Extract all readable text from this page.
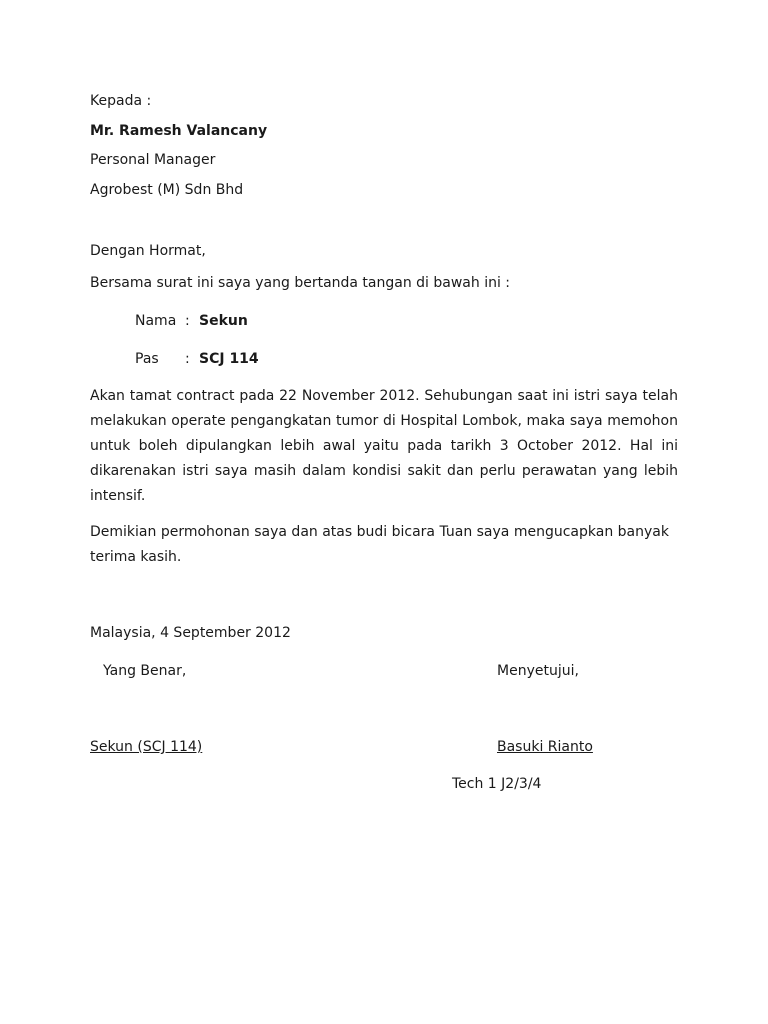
Kepada :
Mr. Ramesh Valancany
Personal Manager
Agrobest (M) Sdn Bhd
Dengan Hormat,
Bersama surat ini saya yang bertanda tangan di bawah ini :
Nama : Sekun
Pas : SCJ 114
Akan tamat contract pada 22 November 2012. Sehubungan saat ini istri saya telah
melakukan operate pengangkatan tumor di Hospital Lombok, maka saya memohon
untuk boleh dipulangkan lebih awal yaitu pada tarikh 3 October 2012. Hal ini
dikarenakan istri saya masih dalam kondisi sakit dan perlu perawatan yang lebih
intensif.
Demikian permohonan saya dan atas budi bicara Tuan saya mengucapkan banyak
terima kasih.
Malaysia, 4 September 2012
Yang Benar,	Menyetujui,
Sekun (SCJ 114)	Basuki Rianto
Tech 1 J2/3/4
